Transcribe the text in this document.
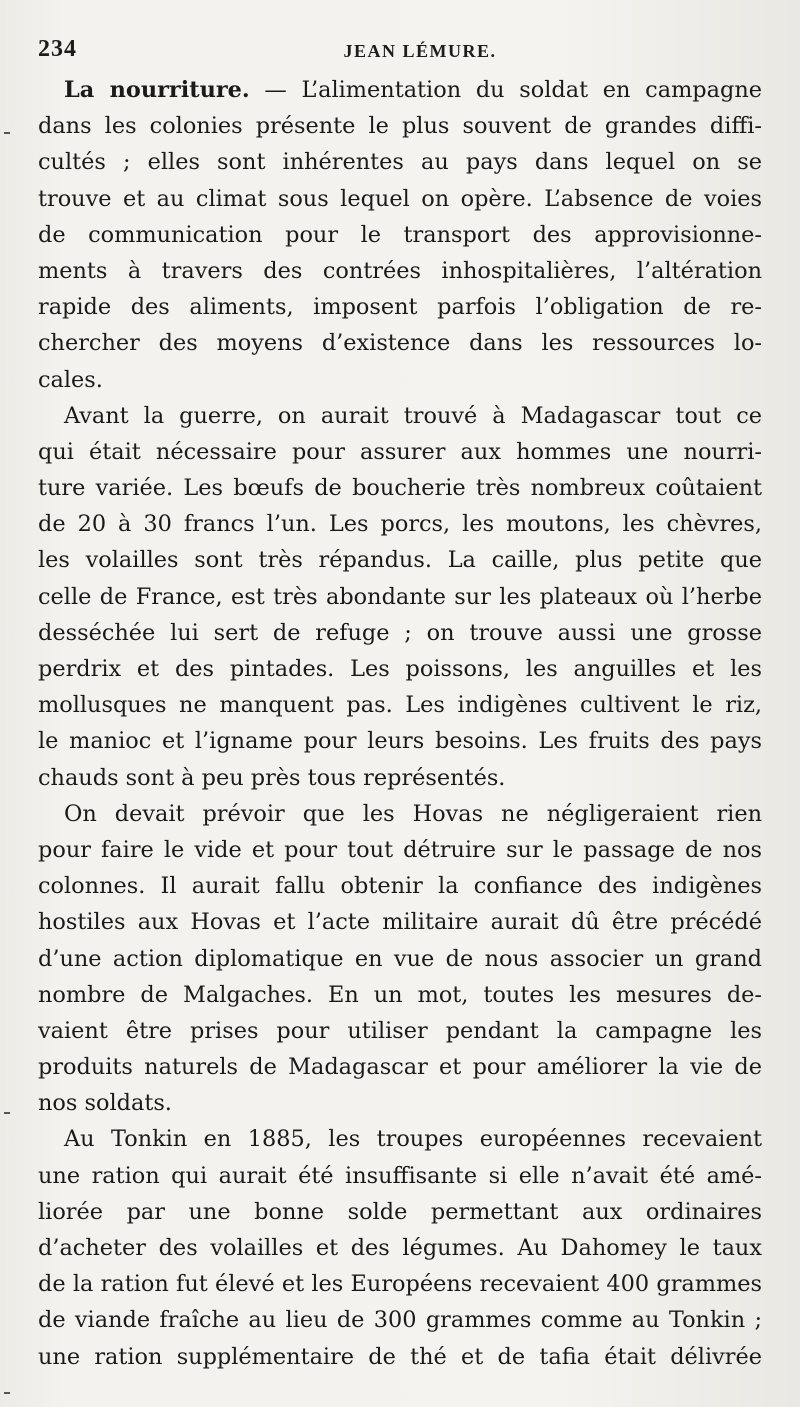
234	JEAN LÉMURE.
La nourriture. — L’alimentation du soldat en campagne
dans les colonies présente le plus souvent de grandes diffi-
cultés ; elles sont inhérentes au pays dans lequel on se
trouve et au climat sous lequel on opère. L’absence de voies
de communication pour le transport des approvisionne-
ments à travers des contrées inhospitalières, l’altération
rapide des aliments, imposent parfois l’obligation de re-
chercher des moyens d’existence dans les ressources lo-
cales.
Avant la guerre, on aurait trouvé à Madagascar tout ce
qui était nécessaire pour assurer aux hommes une nourri-
ture variée. Les bœufs de boucherie très nombreux coûtaient
de 20 à 30 francs l’un. Les porcs, les moutons, les chèvres,
les volailles sont très répandus. La caille, plus petite que
celle de France, est très abondante sur les plateaux où l’herbe
desséchée lui sert de refuge ; on trouve aussi une grosse
perdrix et des pintades. Les poissons, les anguilles et les
mollusques ne manquent pas. Les indigènes cultivent le riz,
le manioc et l’igname pour leurs besoins. Les fruits des pays
chauds sont à peu près tous représentés.
On devait prévoir que les Hovas ne négligeraient rien
pour faire le vide et pour tout détruire sur le passage de nos
colonnes. Il aurait fallu obtenir la confiance des indigènes
hostiles aux Hovas et l’acte militaire aurait dû être précédé
d’une action diplomatique en vue de nous associer un grand
nombre de Malgaches. En un mot, toutes les mesures de-
vaient être prises pour utiliser pendant la campagne les
produits naturels de Madagascar et pour améliorer la vie de
nos soldats.
Au Tonkin en 1885, les troupes européennes recevaient
une ration qui aurait été insuffisante si elle n’avait été amé-
liorée par une bonne solde permettant aux ordinaires
d’acheter des volailles et des légumes. Au Dahomey le taux
de la ration fut élevé et les Européens recevaient 400 grammes
de viande fraîche au lieu de 300 grammes comme au Tonkin ;
une ration supplémentaire de thé et de tafia était délivrée
